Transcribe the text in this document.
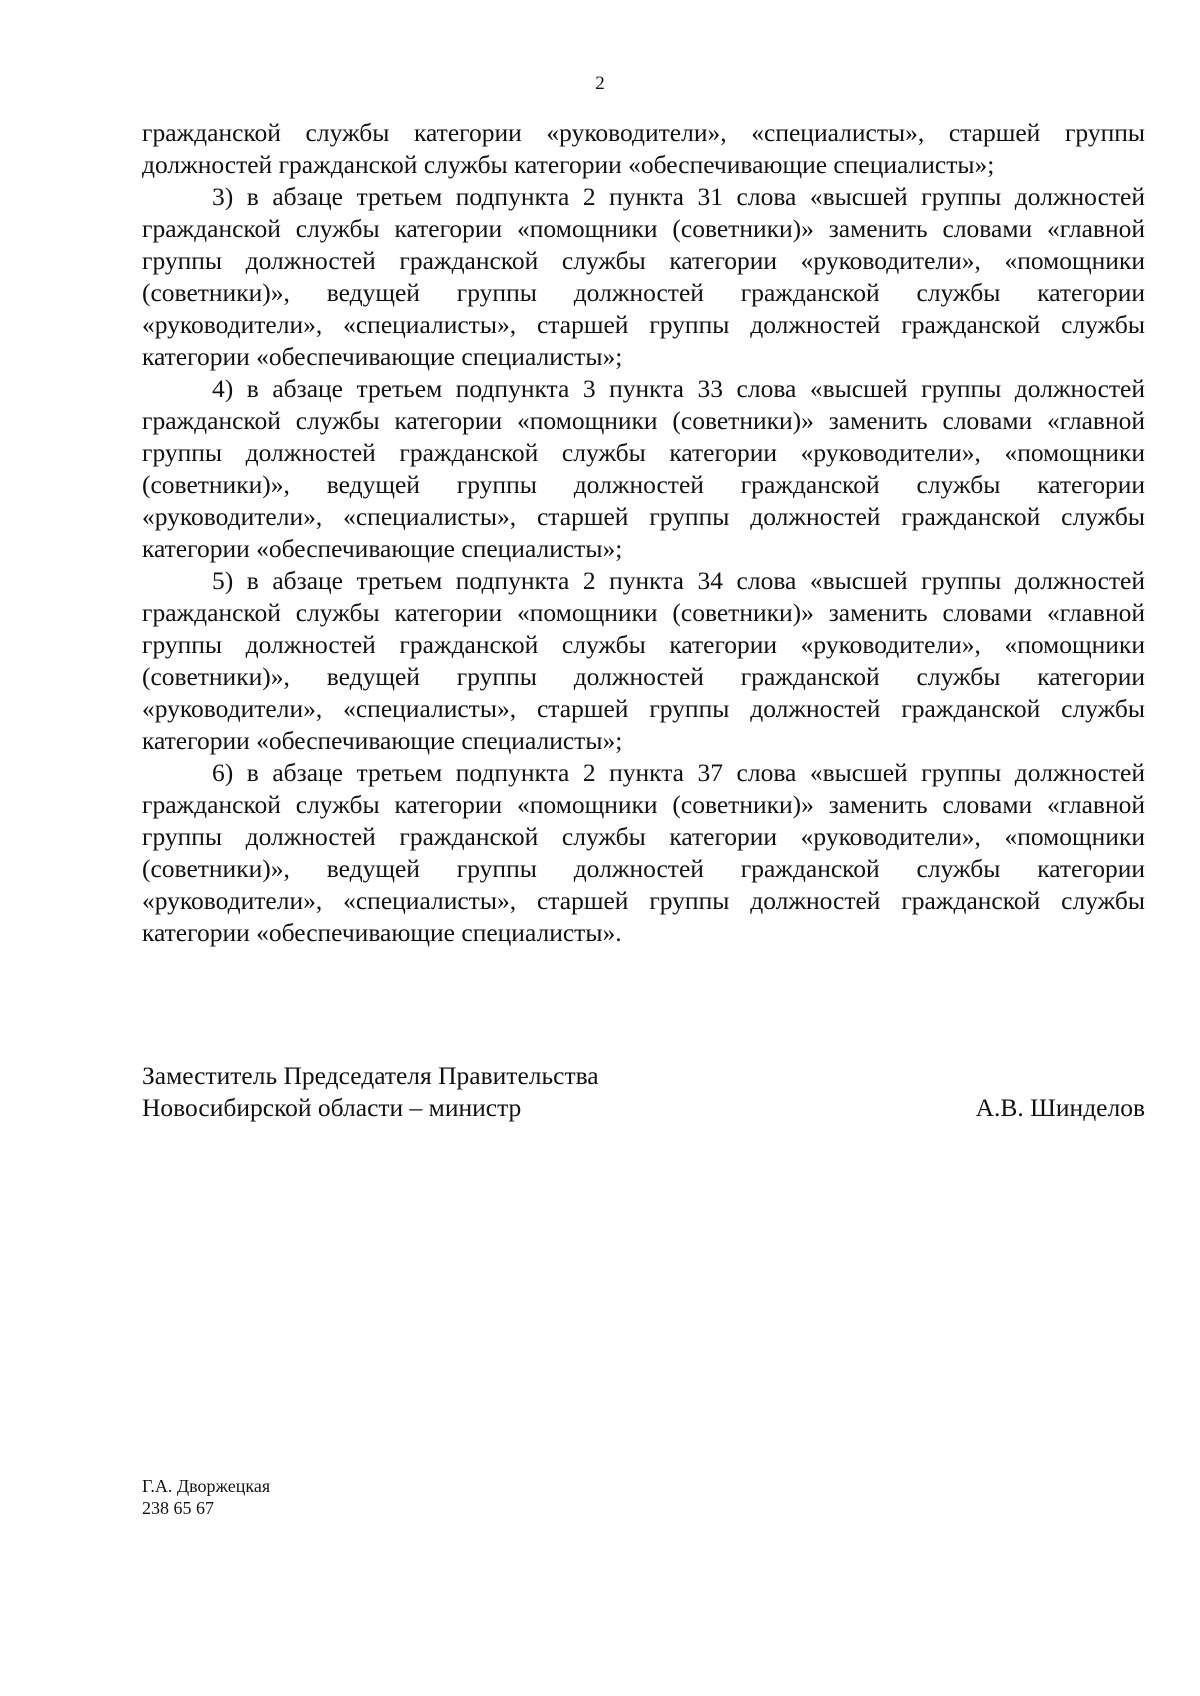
2

гражданской службы категории «руководители», «специалисты», старшей группы должностей гражданской службы категории «обеспечивающие специалисты»;

3) в абзаце третьем подпункта 2 пункта 31 слова «высшей группы должностей гражданской службы категории «помощники (советники)» заменить словами «главной группы должностей гражданской службы категории «руководители», «помощники (советники)», ведущей группы должностей гражданской службы категории «руководители», «специалисты», старшей группы должностей гражданской службы категории «обеспечивающие специалисты»;

4) в абзаце третьем подпункта 3 пункта 33 слова «высшей группы должностей гражданской службы категории «помощники (советники)» заменить словами «главной группы должностей гражданской службы категории «руководители», «помощники (советники)», ведущей группы должностей гражданской службы категории «руководители», «специалисты», старшей группы должностей гражданской службы категории «обеспечивающие специалисты»;

5) в абзаце третьем подпункта 2 пункта 34 слова «высшей группы должностей гражданской службы категории «помощники (советники)» заменить словами «главной группы должностей гражданской службы категории «руководители», «помощники (советники)», ведущей группы должностей гражданской службы категории «руководители», «специалисты», старшей группы должностей гражданской службы категории «обеспечивающие специалисты»;

6) в абзаце третьем подпункта 2 пункта 37 слова «высшей группы должностей гражданской службы категории «помощники (советники)» заменить словами «главной группы должностей гражданской службы категории «руководители», «помощники (советники)», ведущей группы должностей гражданской службы категории «руководители», «специалисты», старшей группы должностей гражданской службы категории «обеспечивающие специалисты».

Заместитель Председателя Правительства
Новосибирской области – министр	А.В. Шинделов
Г.А. Дворжецкая
238 65 67
